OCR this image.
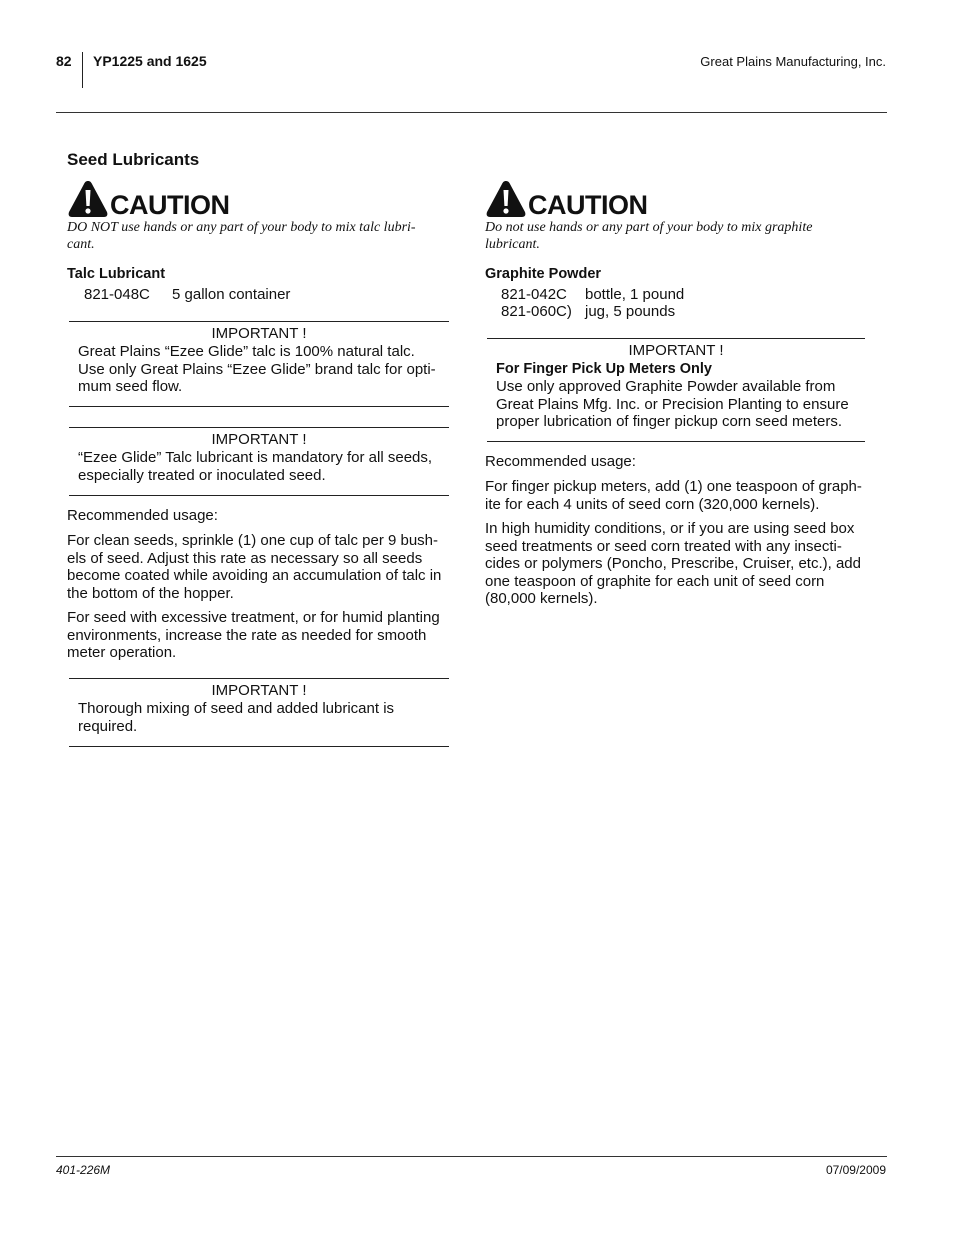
82 YP1225 and 1625	Great Plains Manufacturing, Inc.
Seed Lubricants
CAUTION

DO NOT use hands or any part of your body to mix talc lubri-

cant.

Talc Lubricant
821-048C	5 gallon container
IMPORTANT !
Great Plains “Ezee Glide” talc is 100% natural talc.
Use only Great Plains “Ezee Glide” brand talc for opti-
mum seed flow.
IMPORTANT !
“Ezee Glide” Talc lubricant is mandatory for all seeds,
especially treated or inoculated seed.
Recommended usage:

For clean seeds, sprinkle (1) one cup of talc per 9 bush-

els of seed. Adjust this rate as necessary so all seeds

become coated while avoiding an accumulation of talc in

the bottom of the hopper.

For seed with excessive treatment, or for humid planting

environments, increase the rate as needed for smooth

meter operation.

IMPORTANT !
Thorough mixing of seed and added lubricant is
required.
CAUTION

Do not use hands or any part of your body to mix graphite

lubricant.

Graphite Powder
821-042C	bottle, 1 pound
821-060C) jug, 5 pounds
IMPORTANT !
For Finger Pick Up Meters Only
Use only approved Graphite Powder available from
Great Plains Mfg. Inc. or Precision Planting to ensure
proper lubrication of finger pickup corn seed meters.
Recommended usage:

For finger pickup meters, add (1) one teaspoon of graph-

ite for each 4 units of seed corn (320,000 kernels).

In high humidity conditions, or if you are using seed box

seed treatments or seed corn treated with any insecti-

cides or polymers (Poncho, Prescribe, Cruiser, etc.), add

one teaspoon of graphite for each unit of seed corn

(80,000 kernels).

401-226M	07/09/2009
